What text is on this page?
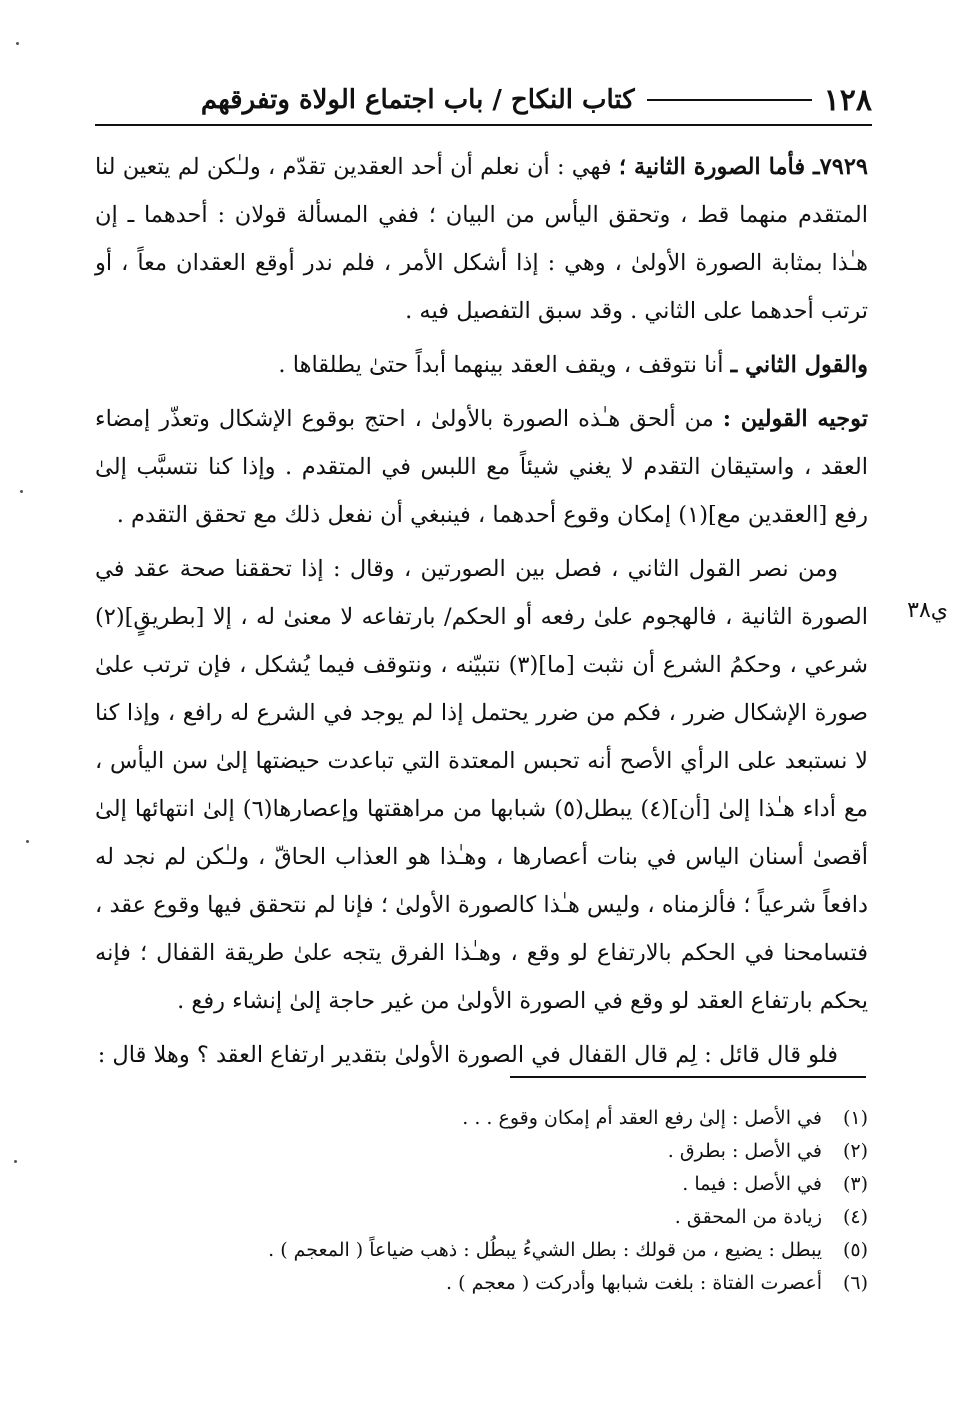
١٢٨
كتاب النكاح / باب اجتماع الولاة وتفرقهم

٧٩٢٩ـ فأما الصورة الثانية ؛ فهي : أن نعلم أن أحد العقدين تقدّم ، ولـٰكن لم يتعين لنا المتقدم منهما قط ، وتحقق اليأس من البيان ؛ ففي المسألة قولان : أحدهما ـ إن هـٰذا بمثابة الصورة الأولىٰ ، وهي : إذا أشكل الأمر ، فلم ندر أوقع العقدان معاً ، أو ترتب أحدهما على الثاني . وقد سبق التفصيل فيه .

والقول الثاني ـ أنا نتوقف ، ويقف العقد بينهما أبداً حتىٰ يطلقاها .

توجيه القولين : من ألحق هـٰذه الصورة بالأولىٰ ، احتج بوقوع الإشكال وتعذّر إمضاء العقد ، واستيقان التقدم لا يغني شيئاً مع اللبس في المتقدم . وإذا كنا نتسبَّب إلىٰ رفع [العقدين مع](١) إمكان وقوع أحدهما ، فينبغي أن نفعل ذلك مع تحقق التقدم .

ومن نصر القول الثاني ، فصل بين الصورتين ، وقال : إذا تحققنا صحة عقد في الصورة الثانية ، فالهجوم علىٰ رفعه أو الحكم/ بارتفاعه لا معنىٰ له ، إلا [بطريقٍ](٢) شرعي ، وحكمُ الشرع أن نثبت [ما](٣) نتبيّنه ، ونتوقف فيما يُشكل ، فإن ترتب علىٰ صورة الإشكال ضرر ، فكم من ضرر يحتمل إذا لم يوجد في الشرع له رافع ، وإذا كنا لا نستبعد على الرأي الأصح أنه تحبس المعتدة التي تباعدت حيضتها إلىٰ سن اليأس ، مع أداء هـٰذا إلىٰ [أن](٤) يبطل(٥) شبابها من مراهقتها وإعصارها(٦) إلىٰ انتهائها إلىٰ أقصىٰ أسنان الياس في بنات أعصارها ، وهـٰذا هو العذاب الحاقّ ، ولـٰكن لم نجد له دافعاً شرعياً ؛ فألزمناه ، وليس هـٰذا كالصورة الأولىٰ ؛ فإنا لم نتحقق فيها وقوع عقد ، فتسامحنا في الحكم بالارتفاع لو وقع ، وهـٰذا الفرق يتجه علىٰ طريقة القفال ؛ فإنه يحكم بارتفاع العقد لو وقع في الصورة الأولىٰ من غير حاجة إلىٰ إنشاء رفع .

فلو قال قائل : لِم قال القفال في الصورة الأولىٰ بتقدير ارتفاع العقد ؟ وهلا قال :

ي٣٨
(١)
في الأصل : إلىٰ رفع العقد أم إمكان وقوع . . .
(٢)
في الأصل : بطرق .
(٣)
في الأصل : فيما .
(٤)
زيادة من المحقق .
(٥)
يبطل : يضيع ، من قولك : بطل الشيءُ يبطُل : ذهب ضياعاً ( المعجم ) .
(٦)
أعصرت الفتاة : بلغت شبابها وأدركت ( معجم ) .
